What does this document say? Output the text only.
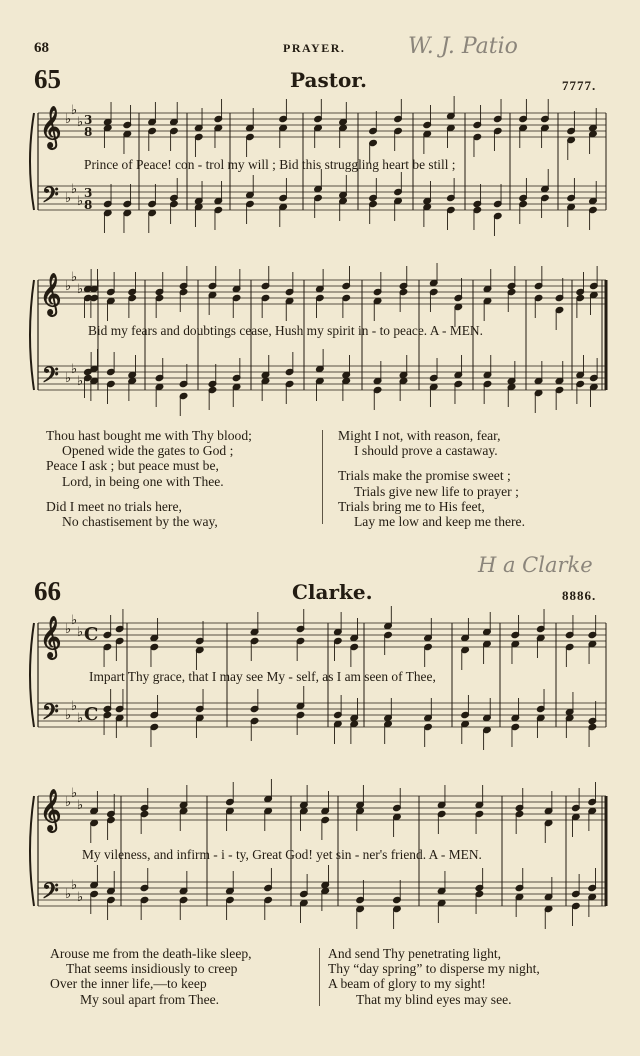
68	PRAYER.	W. J. Patio
H a Clarke
65	Pastor.	7777.
66	Clarke.	8886.
𝄞
𝄢
♭
♭
♭
♭
♭
♭
3
8
3
8
𝄞
𝄢
♭
♭
♭
♭
♭
♭
𝄞
𝄢
♭
♭
♭
♭
♭
♭
C
C
𝄞
𝄢
♭
♭
♭
♭
♭
♭
Prince of Peace! con - trol my will ; Bid this struggling heart be still ;
Bid my fears and doubtings cease, Hush my spirit in - to peace. A - MEN.
Impart Thy grace, that I may see My - self, as I am seen of Thee,
My vileness, and infirm - i - ty, Great God! yet sin - ner's friend. A - MEN.
Thou hast bought me with Thy blood;
Opened wide the gates to God ;
Peace I ask ; but peace must be,
Lord, in being one with Thee.
Did I meet no trials here,
No chastisement by the way,
Might I not, with reason, fear,
I should prove a castaway.
Trials make the promise sweet ;
Trials give new life to prayer ;
Trials bring me to His feet,
Lay me low and keep me there.
Arouse me from the death-like sleep,
That seems insidiously to creep
Over the inner life,—to keep
My soul apart from Thee.
And send Thy penetrating light,
Thy “day spring” to disperse my night,
A beam of glory to my sight!
That my blind eyes may see.
